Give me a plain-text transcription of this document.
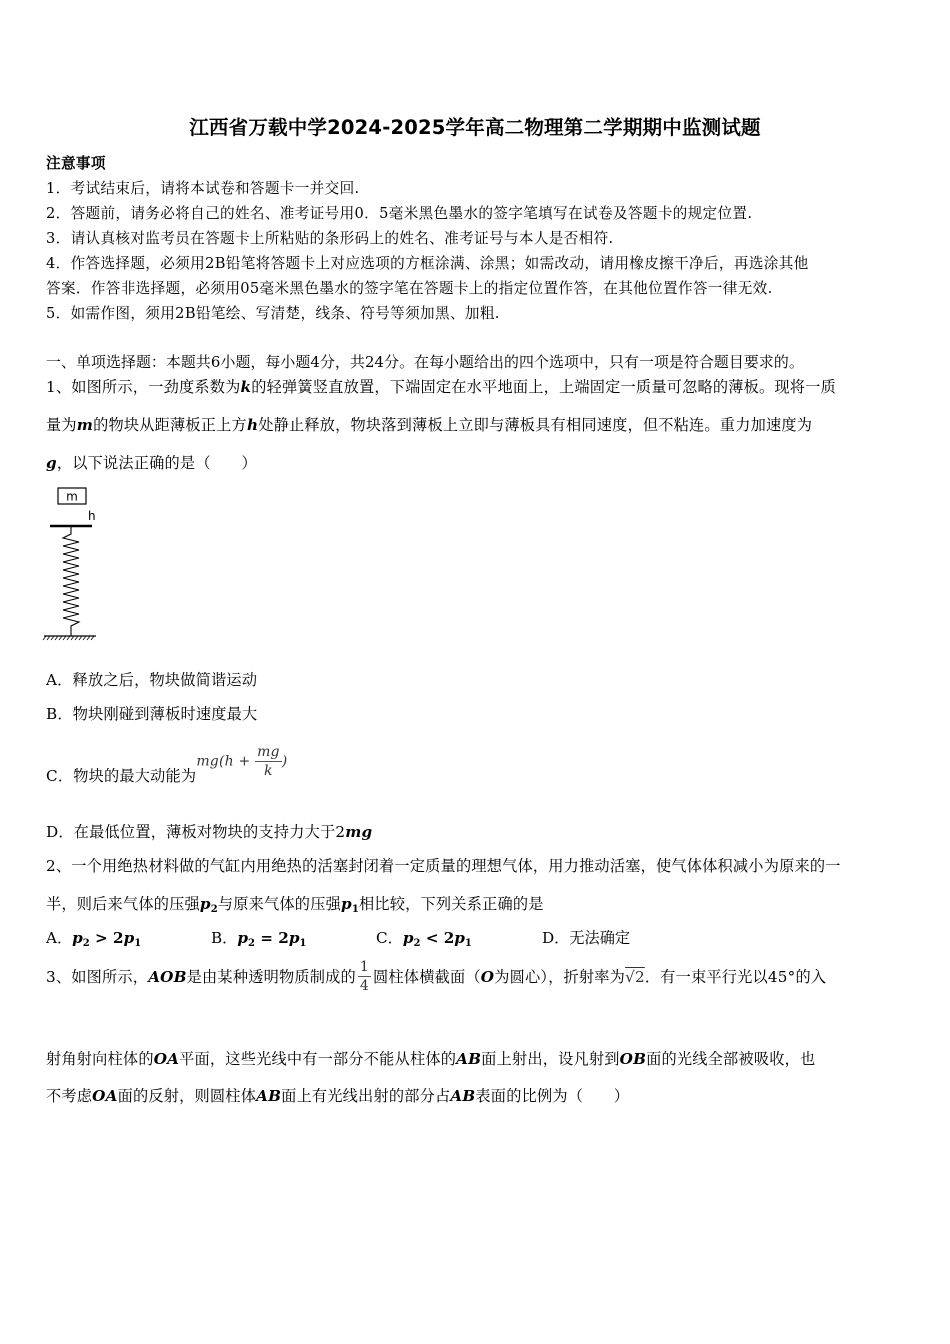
江西省万载中学2024-2025学年高二物理第二学期期中监测试题
注意事项
1．考试结束后，请将本试卷和答题卡一并交回.
2．答题前，请务必将自己的姓名、准考证号用0．5毫米黑色墨水的签字笔填写在试卷及答题卡的规定位置.
3．请认真核对监考员在答题卡上所粘贴的条形码上的姓名、准考证号与本人是否相符.
4．作答选择题，必须用2B铅笔将答题卡上对应选项的方框涂满、涂黑；如需改动，请用橡皮擦干净后，再选涂其他
答案．作答非选择题，必须用05毫米黑色墨水的签字笔在答题卡上的指定位置作答，在其他位置作答一律无效.
5．如需作图，须用2B铅笔绘、写清楚，线条、符号等须加黑、加粗.
一、单项选择题：本题共6小题，每小题4分，共24分。在每小题给出的四个选项中，只有一项是符合题目要求的。
1、如图所示，一劲度系数为k的轻弹簧竖直放置，下端固定在水平地面上，上端固定一质量可忽略的薄板。现将一质
量为m的物块从距薄板正上方h处静止释放，物块落到薄板上立即与薄板具有相同速度，但不粘连。重力加速度为
g，以下说法正确的是（　　）
m
h
A．释放之后，物块做简谐运动
B．物块刚碰到薄板时速度最大
C．物块的最大动能为$mg(h + \frac{mg}{k}$ )
D．在最低位置，薄板对物块的支持力大于2mg
2、一个用绝热材料做的气缸内用绝热的活塞封闭着一定质量的理想气体，用力推动活塞，使气体体积减小为原来的一
半，则后来气体的压强$p_2$与原来气体的压强$p_1$相比较，下列关系正确的是
A．$p_2 > 2p_1$	B．$p_2 = 2p_1$	C．$p_2 < 2p_1$	D．无法确定
3、如图所示，AOB是由某种透明物质制成的 $\frac{1}{4}$ 圆柱体横截面（O为圆心），折射率为√2．有一束平行光以45°的入
射角射向柱体的OA平面，这些光线中有一部分不能从柱体的AB面上射出，设凡射到OB面的光线全部被吸收，也
不考虑OA面的反射，则圆柱体AB面上有光线出射的部分占AB表面的比例为（　　）
